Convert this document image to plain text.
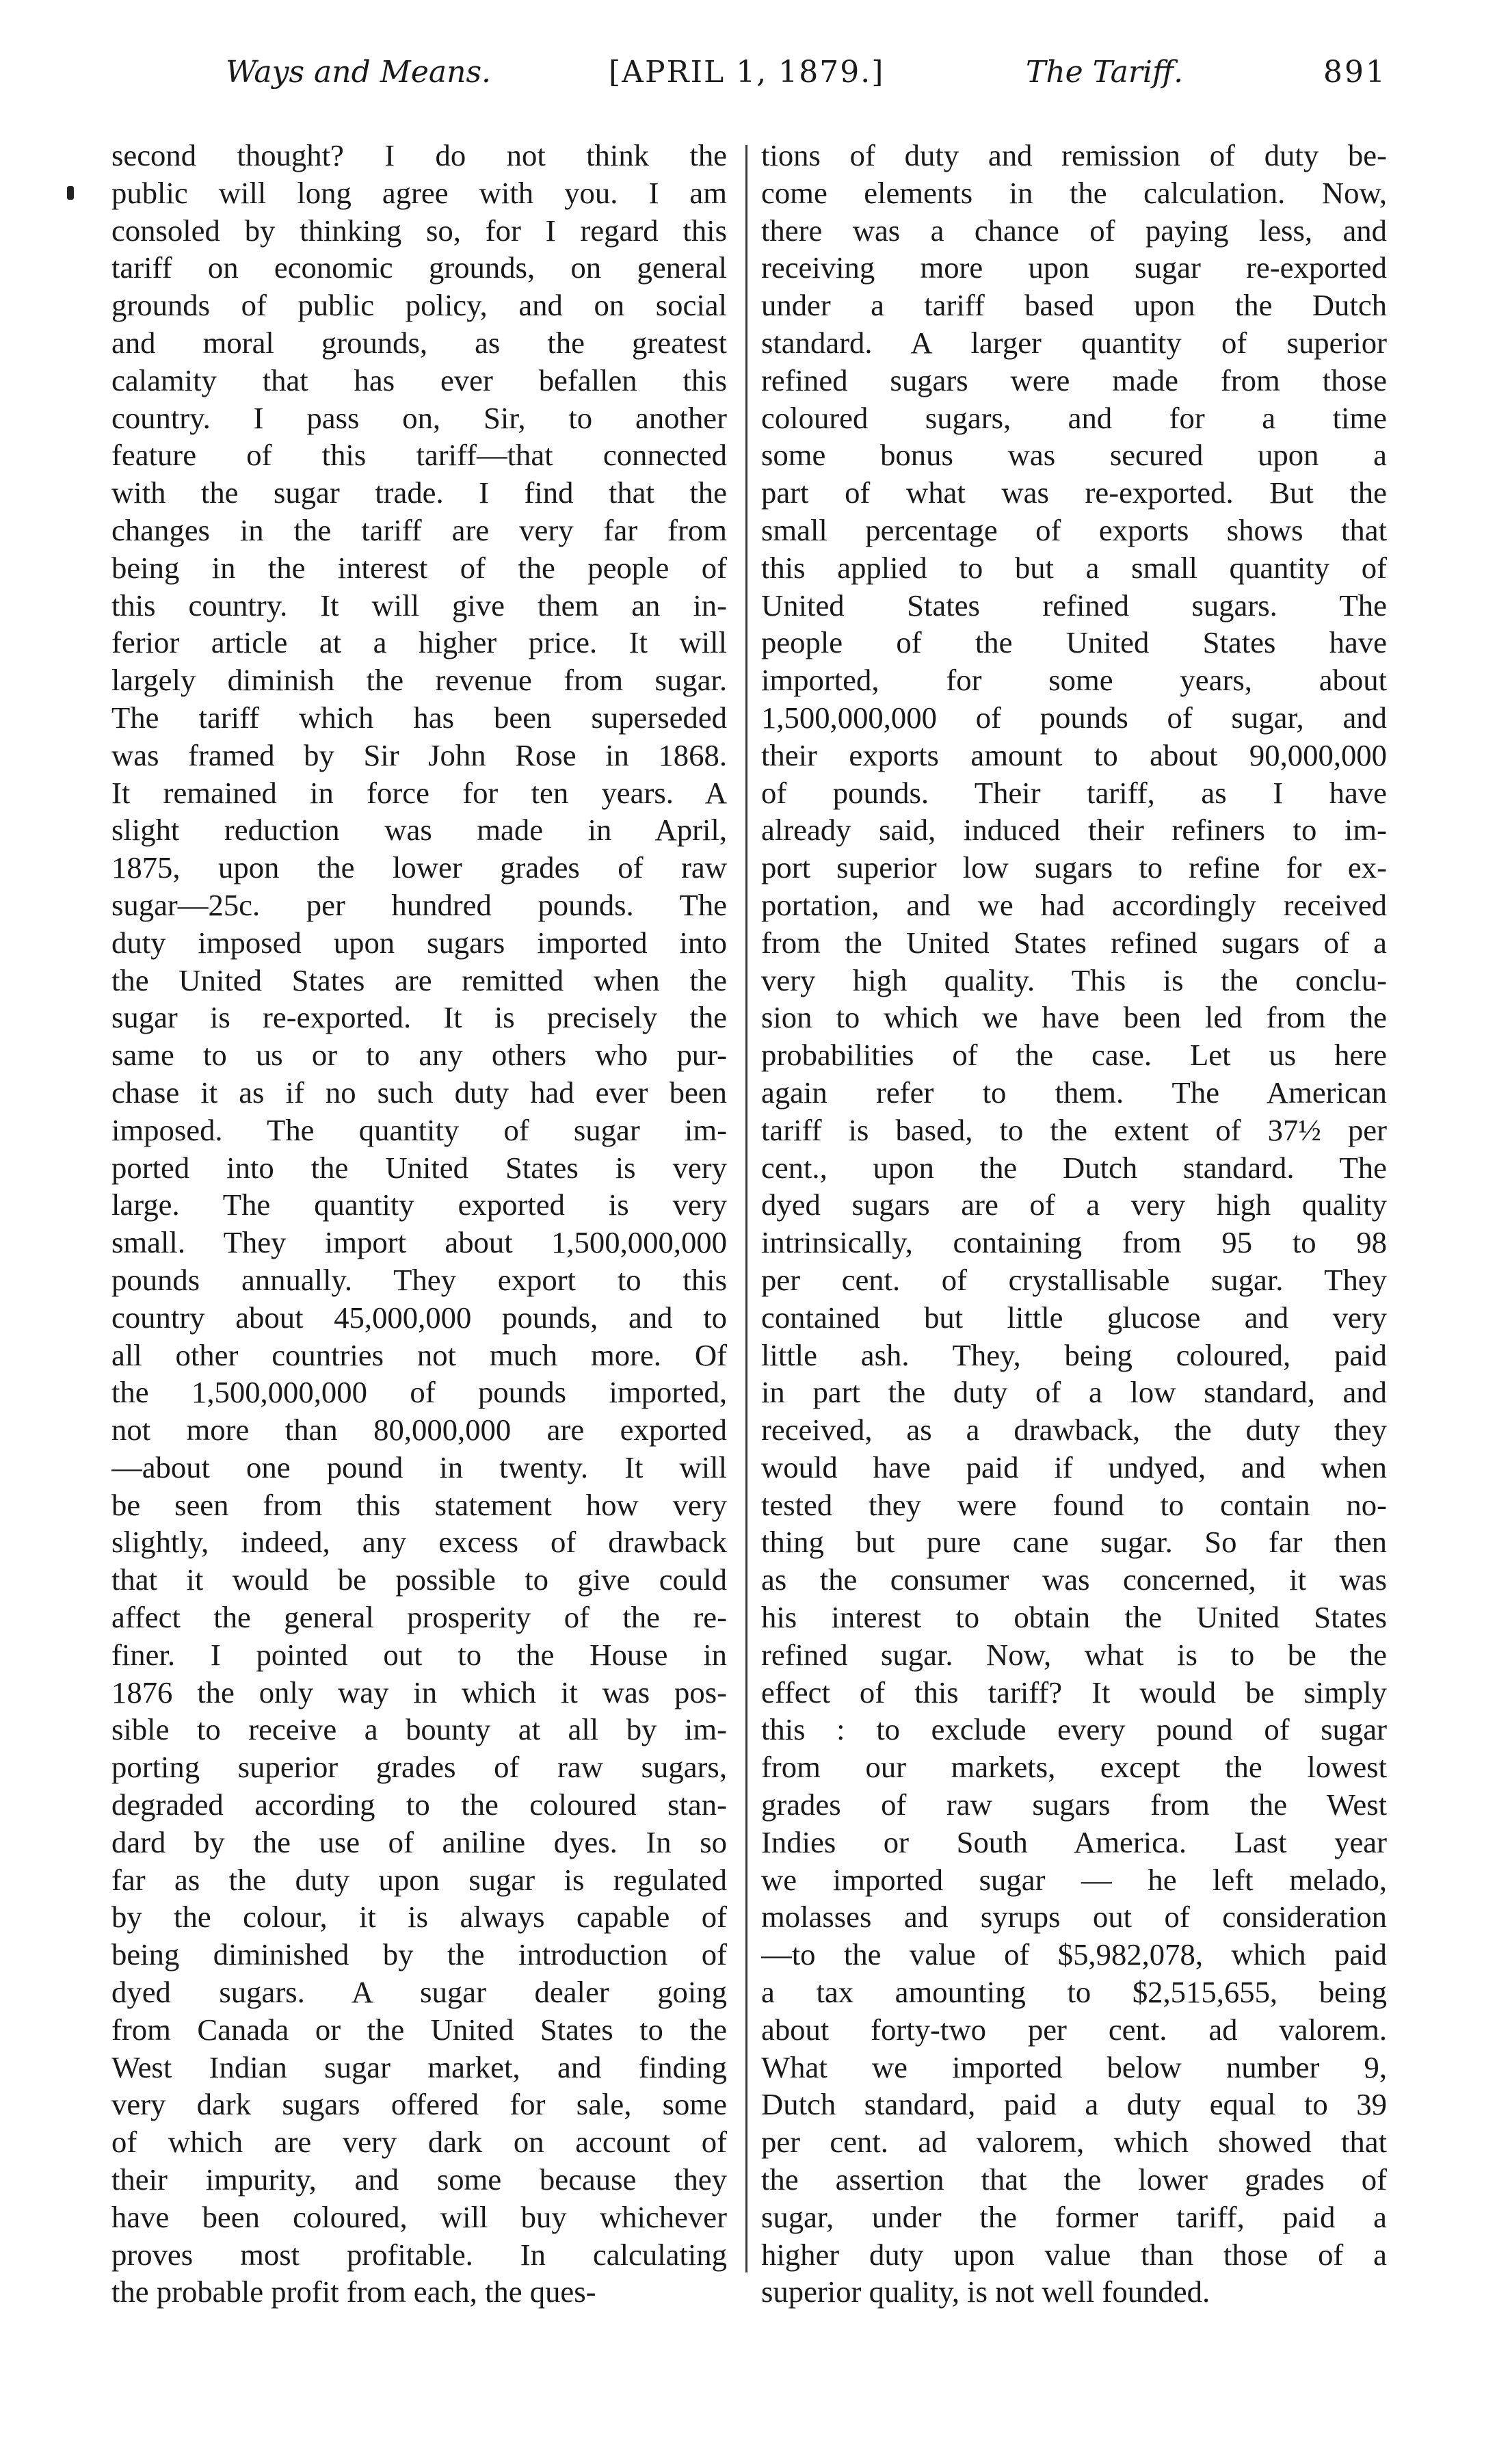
Ways and Means.	[APRIL 1, 1879.]	The Tariff.	891
second thought? I do not think the
public will long agree with you. I am
consoled by thinking so, for I regard this
tariff on economic grounds, on general
grounds of public policy, and on social
and moral grounds, as the greatest
calamity that has ever befallen this
country. I pass on, Sir, to another
feature of this tariff—that connected
with the sugar trade. I find that the
changes in the tariff are very far from
being in the interest of the people of
this country. It will give them an in-
ferior article at a higher price. It will
largely diminish the revenue from sugar.
The tariff which has been superseded
was framed by Sir John Rose in 1868.
It remained in force for ten years. A
slight reduction was made in April,
1875, upon the lower grades of raw
sugar—25c. per hundred pounds. The
duty imposed upon sugars imported into
the United States are remitted when the
sugar is re-exported. It is precisely the
same to us or to any others who pur-
chase it as if no such duty had ever been
imposed. The quantity of sugar im-
ported into the United States is very
large. The quantity exported is very
small. They import about 1,500,000,000
pounds annually. They export to this
country about 45,000,000 pounds, and to
all other countries not much more. Of
the 1,500,000,000 of pounds imported,
not more than 80,000,000 are exported
—about one pound in twenty. It will
be seen from this statement how very
slightly, indeed, any excess of drawback
that it would be possible to give could
affect the general prosperity of the re-
finer. I pointed out to the House in
1876 the only way in which it was pos-
sible to receive a bounty at all by im-
porting superior grades of raw sugars,
degraded according to the coloured stan-
dard by the use of aniline dyes. In so
far as the duty upon sugar is regulated
by the colour, it is always capable of
being diminished by the introduction of
dyed sugars. A sugar dealer going
from Canada or the United States to the
West Indian sugar market, and finding
very dark sugars offered for sale, some
of which are very dark on account of
their impurity, and some because they
have been coloured, will buy whichever
proves most profitable. In calculating
the probable profit from each, the ques-
tions of duty and remission of duty be-
come elements in the calculation. Now,
there was a chance of paying less, and
receiving more upon sugar re-exported
under a tariff based upon the Dutch
standard. A larger quantity of superior
refined sugars were made from those
coloured sugars, and for a time
some bonus was secured upon a
part of what was re-exported. But the
small percentage of exports shows that
this applied to but a small quantity of
United States refined sugars. The
people of the United States have
imported, for some years, about
1,500,000,000 of pounds of sugar, and
their exports amount to about 90,000,000
of pounds. Their tariff, as I have
already said, induced their refiners to im-
port superior low sugars to refine for ex-
portation, and we had accordingly received
from the United States refined sugars of a
very high quality. This is the conclu-
sion to which we have been led from the
probabilities of the case. Let us here
again refer to them. The American
tariff is based, to the extent of 37½ per
cent., upon the Dutch standard. The
dyed sugars are of a very high quality
intrinsically, containing from 95 to 98
per cent. of crystallisable sugar. They
contained but little glucose and very
little ash. They, being coloured, paid
in part the duty of a low standard, and
received, as a drawback, the duty they
would have paid if undyed, and when
tested they were found to contain no-
thing but pure cane sugar. So far then
as the consumer was concerned, it was
his interest to obtain the United States
refined sugar. Now, what is to be the
effect of this tariff? It would be simply
this : to exclude every pound of sugar
from our markets, except the lowest
grades of raw sugars from the West
Indies or South America. Last year
we imported sugar — he left melado,
molasses and syrups out of consideration
—to the value of $5,982,078, which paid
a tax amounting to $2,515,655, being
about forty-two per cent. ad valorem.
What we imported below number 9,
Dutch standard, paid a duty equal to 39
per cent. ad valorem, which showed that
the assertion that the lower grades of
sugar, under the former tariff, paid a
higher duty upon value than those of a
superior quality, is not well founded.
